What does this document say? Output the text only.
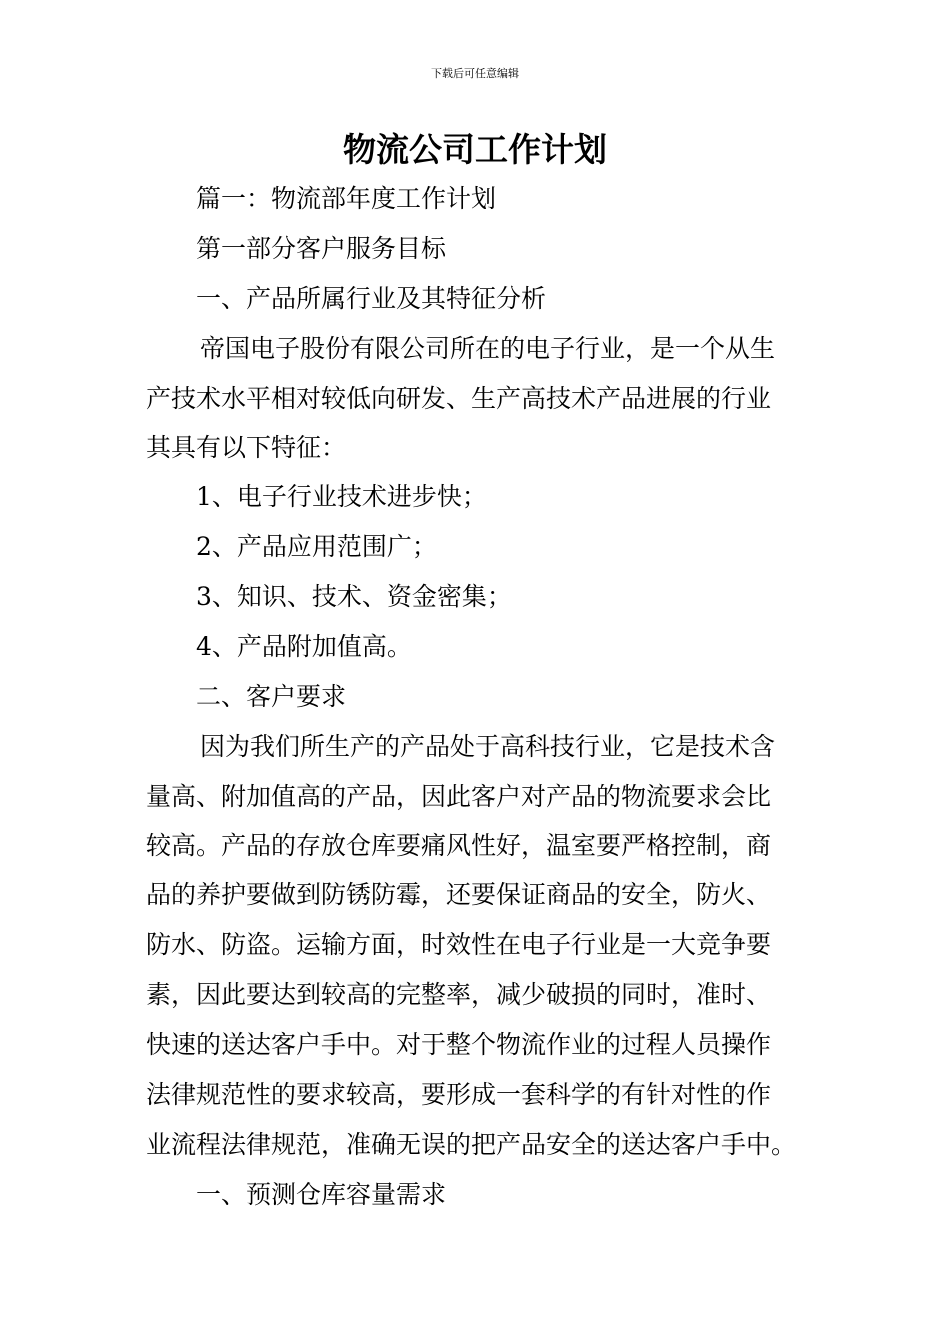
下载后可任意编辑
物流公司工作计划
篇一：物流部年度工作计划
第一部分客户服务目标
一、产品所属行业及其特征分析
帝国电子股份有限公司所在的电子行业，是一个从生
产技术水平相对较低向研发、生产高技术产品进展的行业
其具有以下特征：
1、电子行业技术进步快；
2、产品应用范围广；
3、知识、技术、资金密集；
4、产品附加值高。
二、客户要求
因为我们所生产的产品处于高科技行业，它是技术含
量高、附加值高的产品，因此客户对产品的物流要求会比
较高。产品的存放仓库要痛风性好，温室要严格控制，商
品的养护要做到防锈防霉，还要保证商品的安全，防火、
防水、防盗。运输方面，时效性在电子行业是一大竞争要
素，因此要达到较高的完整率，减少破损的同时，准时、
快速的送达客户手中。对于整个物流作业的过程人员操作
法律规范性的要求较高，要形成一套科学的有针对性的作
业流程法律规范，准确无误的把产品安全的送达客户手中。
一、预测仓库容量需求
